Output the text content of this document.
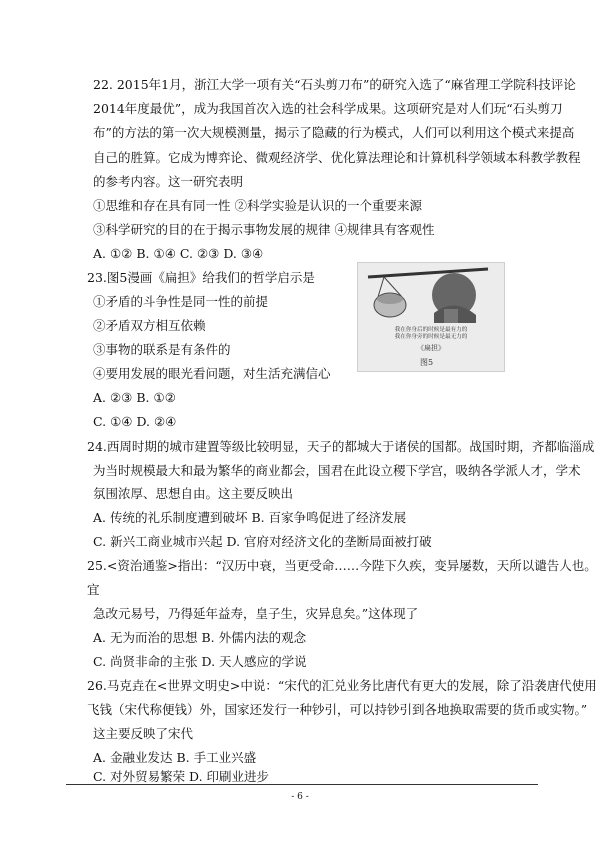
22. 2015年1月，浙江大学一项有关“石头剪刀布”的研究入选了“麻省理工学院科技评论
2014年度最优”，成为我国首次入选的社会科学成果。这项研究是对人们玩“石头剪刀
布”的方法的第一次大规模测量，揭示了隐藏的行为模式，人们可以利用这个模式来提高
自己的胜算。它成为博弈论、微观经济学、优化算法理论和计算机科学领域本科教学教程
的参考内容。这一研究表明
①思维和存在具有同一性 ②科学实验是认识的一个重要来源
③科学研究的目的在于揭示事物发展的规律 ④规律具有客观性
A. ①② B. ①④ C. ②③ D. ③④
23.图5漫画《扁担》给我们的哲学启示是
①矛盾的斗争性是同一性的前提
②矛盾双方相互依赖
③事物的联系是有条件的
④要用发展的眼光看问题，对生活充满信心
A. ②③ B. ①②
C. ①④ D. ②④
我在你身后的时候是最有力的
我在你身旁的时候是最无力的
《扁担》
图5
24.西周时期的城市建置等级比较明显，天子的都城大于诸侯的国都。战国时期，齐都临淄成
为当时规模最大和最为繁华的商业都会，国君在此设立稷下学宫，吸纳各学派人才，学术
氛围浓厚、思想自由。这主要反映出
A. 传统的礼乐制度遭到破坏 B. 百家争鸣促进了经济发展
C. 新兴工商业城市兴起 D. 官府对经济文化的垄断局面被打破
25.<资治通鉴>指出：“汉历中衰，当更受命……今陛下久疾，变异屡数，天所以谴告人也。
宜
急改元易号，乃得延年益寿，皇子生，灾异息矣。”这体现了
A. 无为而治的思想 B. 外儒内法的观念
C. 尚贤非命的主张 D. 天人感应的学说
26.马克垚在<世界文明史>中说：“宋代的汇兑业务比唐代有更大的发展，除了沿袭唐代使用
飞钱（宋代称便钱）外，国家还发行一种钞引，可以持钞引到各地换取需要的货币或实物。”
这主要反映了宋代
A. 金融业发达 B. 手工业兴盛
C. 对外贸易繁荣 D. 印刷业进步
- 6 -
